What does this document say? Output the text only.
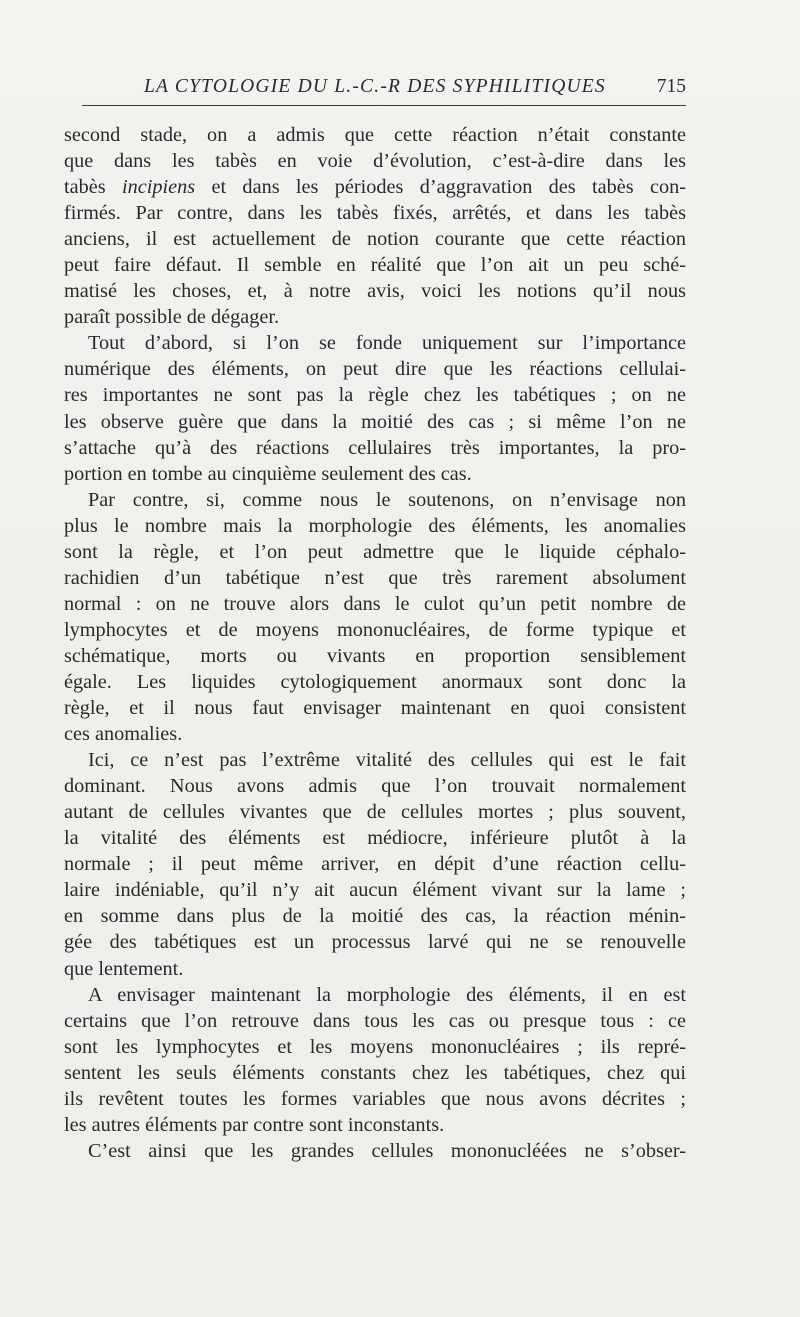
LA CYTOLOGIE DU L.-C.-R DES SYPHILITIQUES	715
second stade, on a admis que cette réaction n’était constante
que dans les tabès en voie d’évolution, c’est-à-dire dans les
tabès incipiens et dans les périodes d’aggravation des tabès con-
firmés. Par contre, dans les tabès fixés, arrêtés, et dans les tabès
anciens, il est actuellement de notion courante que cette réaction
peut faire défaut. Il semble en réalité que l’on ait un peu sché-
matisé les choses, et, à notre avis, voici les notions qu’il nous
paraît possible de dégager.
Tout d’abord, si l’on se fonde uniquement sur l’importance
numérique des éléments, on peut dire que les réactions cellulai-
res importantes ne sont pas la règle chez les tabétiques ; on ne
les observe guère que dans la moitié des cas ; si même l’on ne
s’attache qu’à des réactions cellulaires très importantes, la pro-
portion en tombe au cinquième seulement des cas.
Par contre, si, comme nous le soutenons, on n’envisage non
plus le nombre mais la morphologie des éléments, les anomalies
sont la règle, et l’on peut admettre que le liquide céphalo-
rachidien d’un tabétique n’est que très rarement absolument
normal : on ne trouve alors dans le culot qu’un petit nombre de
lymphocytes et de moyens mononucléaires, de forme typique et
schématique, morts ou vivants en proportion sensiblement
égale. Les liquides cytologiquement anormaux sont donc la
règle, et il nous faut envisager maintenant en quoi consistent
ces anomalies.
Ici, ce n’est pas l’extrême vitalité des cellules qui est le fait
dominant. Nous avons admis que l’on trouvait normalement
autant de cellules vivantes que de cellules mortes ; plus souvent,
la vitalité des éléments est médiocre, inférieure plutôt à la
normale ; il peut même arriver, en dépit d’une réaction cellu-
laire indéniable, qu’il n’y ait aucun élément vivant sur la lame ;
en somme dans plus de la moitié des cas, la réaction ménin-
gée des tabétiques est un processus larvé qui ne se renouvelle
que lentement.
A envisager maintenant la morphologie des éléments, il en est
certains que l’on retrouve dans tous les cas ou presque tous : ce
sont les lymphocytes et les moyens mononucléaires ; ils repré-
sentent les seuls éléments constants chez les tabétiques, chez qui
ils revêtent toutes les formes variables que nous avons décrites ;
les autres éléments par contre sont inconstants.
C’est ainsi que les grandes cellules mononucléées ne s’obser-
